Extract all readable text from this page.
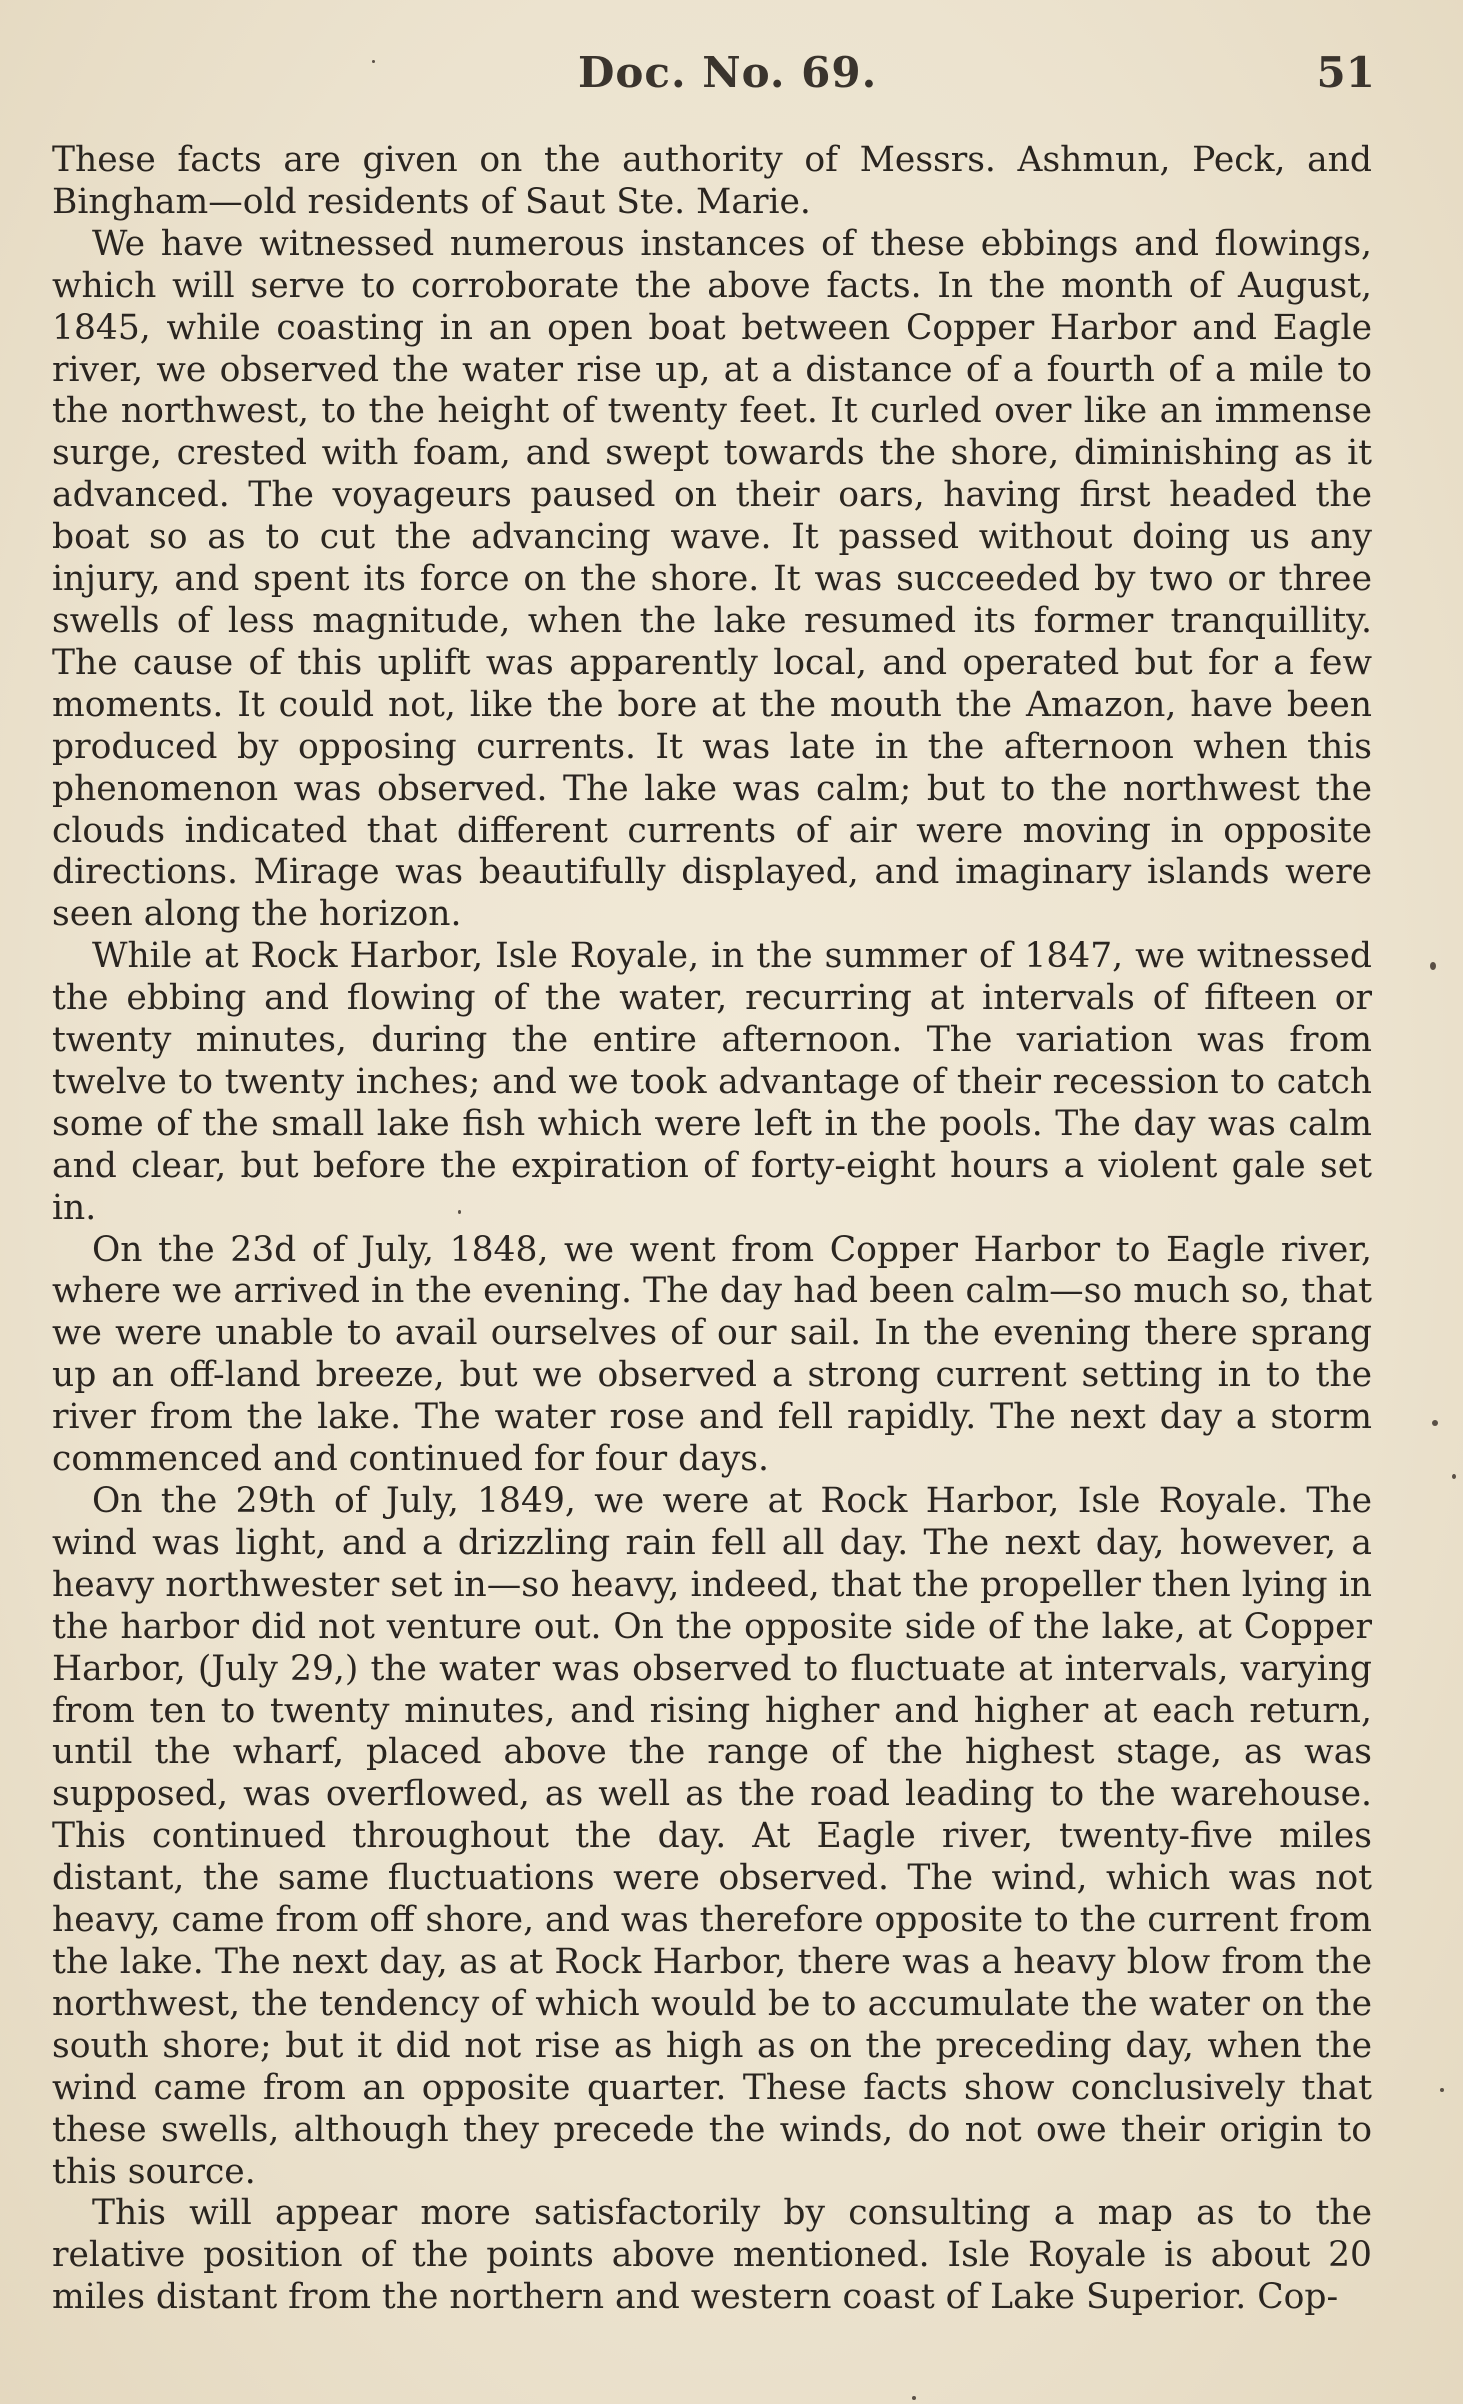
Doc. No. 69.	51

These facts are given on the authority of Messrs. Ashmun, Peck, and Bingham—old residents of Saut Ste. Marie.

We have witnessed numerous instances of these ebbings and flowings, which will serve to corroborate the above facts. In the month of August, 1845, while coasting in an open boat between Copper Harbor and Eagle river, we observed the water rise up, at a distance of a fourth of a mile to the northwest, to the height of twenty feet. It curled over like an immense surge, crested with foam, and swept towards the shore, diminishing as it advanced. The voyageurs paused on their oars, having first headed the boat so as to cut the advancing wave. It passed without doing us any injury, and spent its force on the shore. It was succeeded by two or three swells of less magnitude, when the lake resumed its former tranquillity. The cause of this uplift was apparently local, and operated but for a few moments. It could not, like the bore at the mouth the Amazon, have been produced by opposing currents. It was late in the afternoon when this phenomenon was observed. The lake was calm; but to the northwest the clouds indicated that different currents of air were moving in opposite directions. Mirage was beautifully displayed, and imaginary islands were seen along the horizon.

While at Rock Harbor, Isle Royale, in the summer of 1847, we witnessed the ebbing and flowing of the water, recurring at intervals of fifteen or twenty minutes, during the entire afternoon. The variation was from twelve to twenty inches; and we took advantage of their recession to catch some of the small lake fish which were left in the pools. The day was calm and clear, but before the expiration of forty-eight hours a violent gale set in.

On the 23d of July, 1848, we went from Copper Harbor to Eagle river, where we arrived in the evening. The day had been calm—so much so, that we were unable to avail ourselves of our sail. In the evening there sprang up an off-land breeze, but we observed a strong current setting in to the river from the lake. The water rose and fell rapidly. The next day a storm commenced and continued for four days.

On the 29th of July, 1849, we were at Rock Harbor, Isle Royale. The wind was light, and a drizzling rain fell all day. The next day, however, a heavy northwester set in—so heavy, indeed, that the propeller then lying in the harbor did not venture out. On the opposite side of the lake, at Copper Harbor, (July 29,) the water was observed to fluctuate at intervals, varying from ten to twenty minutes, and rising higher and higher at each return, until the wharf, placed above the range of the highest stage, as was supposed, was overflowed, as well as the road leading to the warehouse. This continued throughout the day. At Eagle river, twenty-five miles distant, the same fluctuations were observed. The wind, which was not heavy, came from off shore, and was therefore opposite to the current from the lake. The next day, as at Rock Harbor, there was a heavy blow from the northwest, the tendency of which would be to accumulate the water on the south shore; but it did not rise as high as on the preceding day, when the wind came from an opposite quarter. These facts show conclusively that these swells, although they precede the winds, do not owe their origin to this source.

This will appear more satisfactorily by consulting a map as to the relative position of the points above mentioned. Isle Royale is about 20 miles distant from the northern and western coast of Lake Superior. Cop-
